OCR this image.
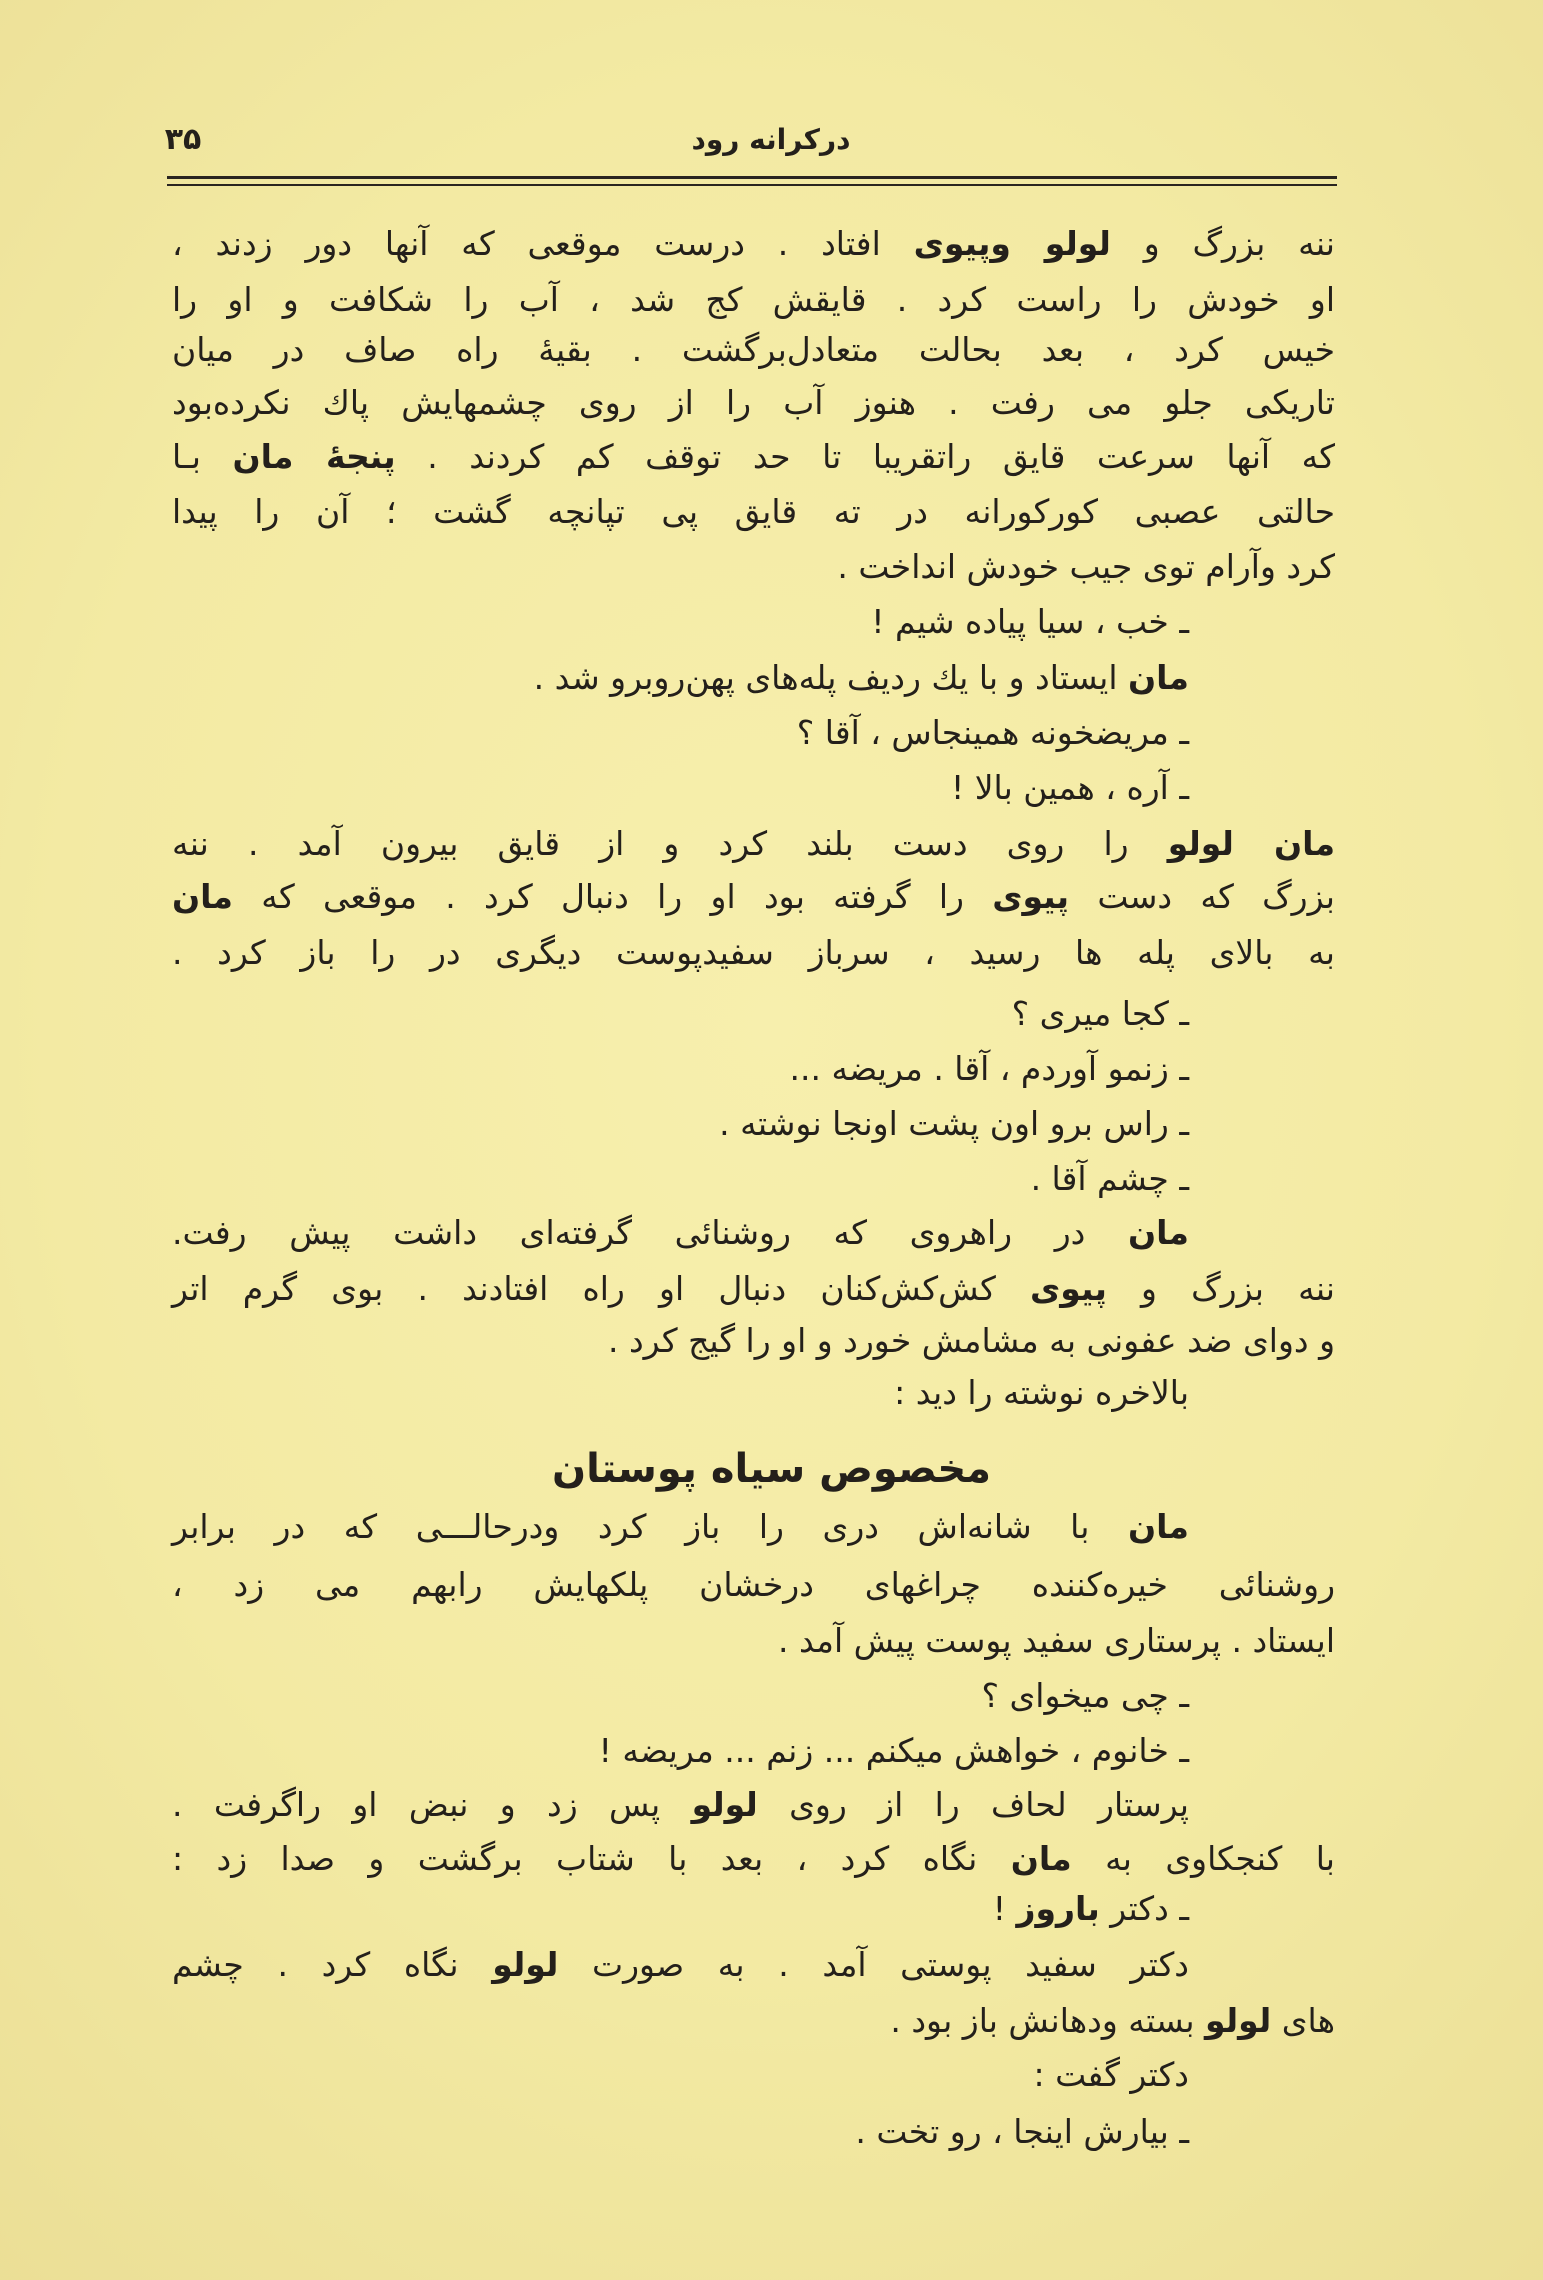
۳۵	درکرانه رود
ننه بزرگ و لولو وپیوی افتاد . درست موقعی که آنها دور زدند ،
او خودش را راست کرد . قایقش کج شد ، آب را شکافت و او را
خیس کرد ، بعد بحالت متعادل‌برگشت . بقیهٔ راه صاف در میان
تاریکی جلو می رفت . هنوز آب را از روی چشمهایش پاك نکرده‌بود
که آنها سرعت قایق را‌تقریبا تا حد توقف کم کردند . پنجهٔ مان بـا
حالتی عصبی کورکورانه در ته قایق پی تپانچه گشت ؛ آن را پیدا
کرد وآرام توی جیب خودش انداخت .
ـ خب ، سیا پیاده شیم !
مان ایستاد و با یك ردیف پله‌های پهن‌روبرو شد .
ـ مریضخونه همینجاس ، آقا ؟
ـ آره ، همین بالا !
مان لولو را روی دست بلند کرد و از قایق بیرون آمد . ننه
بزرگ که دست پیوی را گرفته بود او را دنبال کرد . موقعی که مان
به بالای پله ها رسید ، سرباز سفیدپوست دیگری در را باز کرد .
ـ کجا میری ؟
ـ زنمو آوردم ، آقا . مریضه ...
ـ راس برو اون پشت اونجا نوشته .
ـ چشم آقا .
مان در راهروی که روشنائی گرفته‌ای داشت پیش رفت.
ننه بزرگ و پیوی کش‌کش‌کنان دنبال او راه افتادند . بوی گرم اتر
و دوای ضد عفونی به مشامش خورد و او را گیج کرد .
بالاخره نوشته را دید :
مخصوص سیاه پوستان
مان با شانه‌اش دری را باز کرد ودرحالـــی که در برابر
روشنائی خیره‌کننده چراغهای درخشان پلکهایش را‌بهم می زد ،
ایستاد . پرستاری سفید پوست پیش آمد .
ـ چی میخوای ؟
ـ خانوم ، خواهش میکنم ... زنم ... مریضه !
پرستار لحاف را از روی لولو پس زد و نبض او راگرفت .
با کنجکاوی به مان نگاه کرد ، بعد با شتاب برگشت و صدا زد :
ـ دکتر باروز !
دکتر سفید پوستی آمد . به صورت لولو نگاه کرد . چشم
های لولو بسته ودهانش باز بود .
دکتر گفت :
ـ بیارش اینجا ، رو تخت .
